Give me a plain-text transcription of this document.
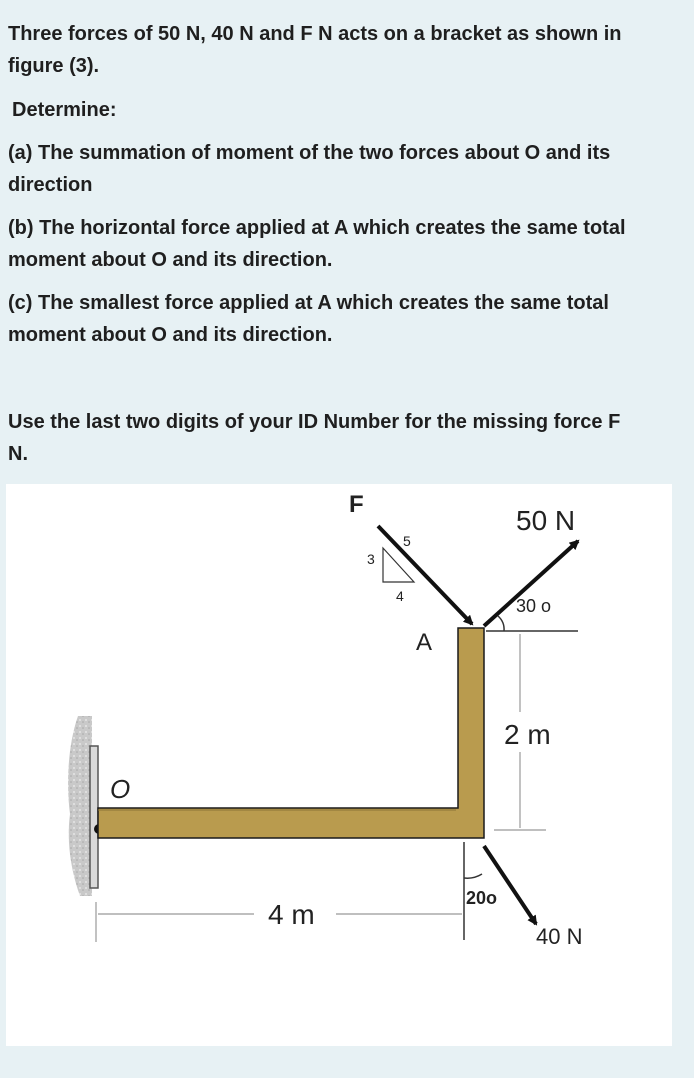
Three forces of 50 N, 40 N and F N acts on a bracket as shown in figure (3).

Determine:

(a) The summation of moment of the two forces about O and its direction

(b) The horizontal force applied at A which creates the same total moment about O and its direction.

(c) The smallest force applied at A which creates the same total moment about O and its direction.

Use the last two digits of your ID Number for the missing force F N.

O
F
3
4
5
A
50 N
30 o
2 m
20o
40 N
4 m
